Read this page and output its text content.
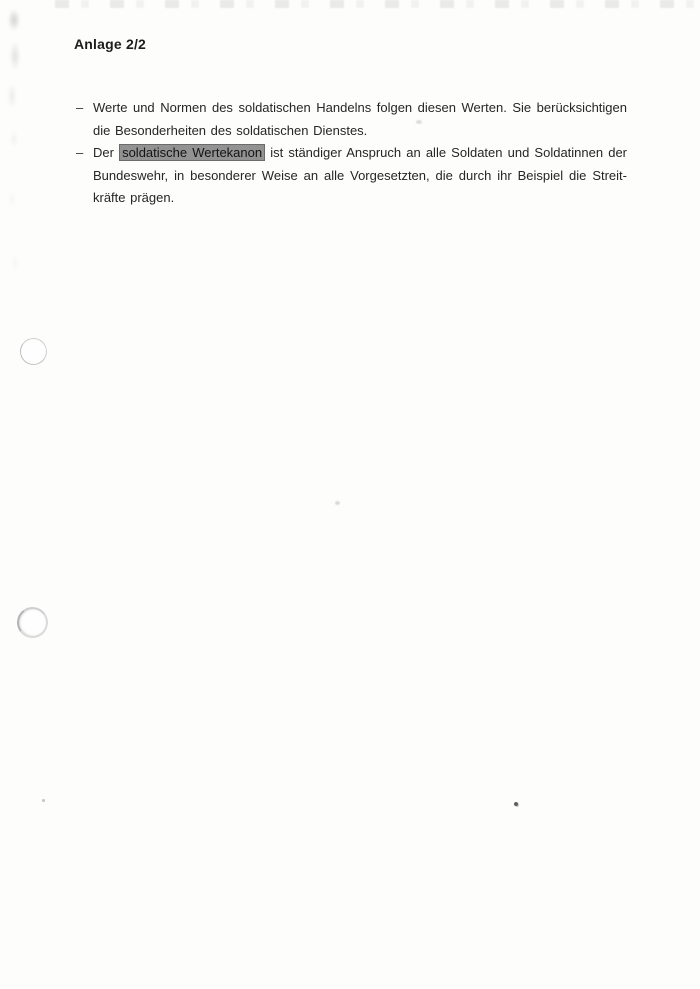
Anlage 2/2
– Werte und Normen des soldatischen Handelns folgen diesen Werten. Sie berücksichtigen die Besonderheiten des soldatischen Dienstes.

– Der soldatische Wertekanon ist ständiger Anspruch an alle Soldaten und Soldatinnen der Bundeswehr, in besonderer Weise an alle Vorgesetzten, die durch ihr Beispiel die Streitkräfte prägen.
